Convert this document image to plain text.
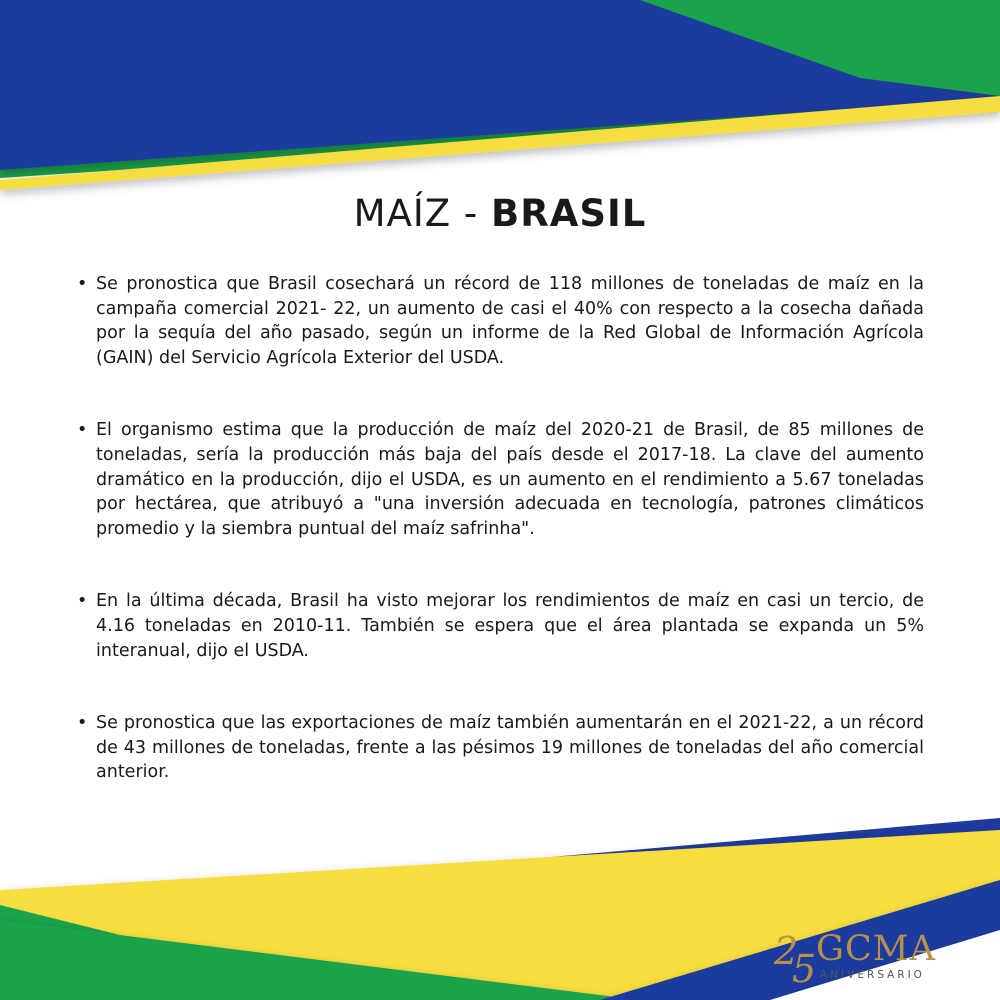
MAÍZ - BRASIL
• Se pronostica que Brasil cosechará un récord de 118 millones de toneladas de maíz en la campaña comercial 2021- 22, un aumento de casi el 40% con respecto a la cosecha dañada por la sequía del año pasado, según un informe de la Red Global de Información Agrícola (GAIN) del Servicio Agrícola Exterior del USDA.
• El organismo estima que la producción de maíz del 2020-21 de Brasil, de 85 millones de toneladas, sería la producción más baja del país desde el 2017-18. La clave del aumento dramático en la producción, dijo el USDA, es un aumento en el rendimiento a 5.67 toneladas por hectárea, que atribuyó a "una inversión adecuada en tecnología, patrones climáticos promedio y la siembra puntual del maíz safrinha".
• En la última década, Brasil ha visto mejorar los rendimientos de maíz en casi un tercio, de 4.16 toneladas en 2010-11. También se espera que el área plantada se expanda un 5% interanual, dijo el USDA.
• Se pronostica que las exportaciones de maíz también aumentarán en el 2021-22, a un récord de 43 millones de toneladas, frente a las pésimos 19 millones de toneladas del año comercial anterior.
2
5 GCMA
ANIVERSARIO
